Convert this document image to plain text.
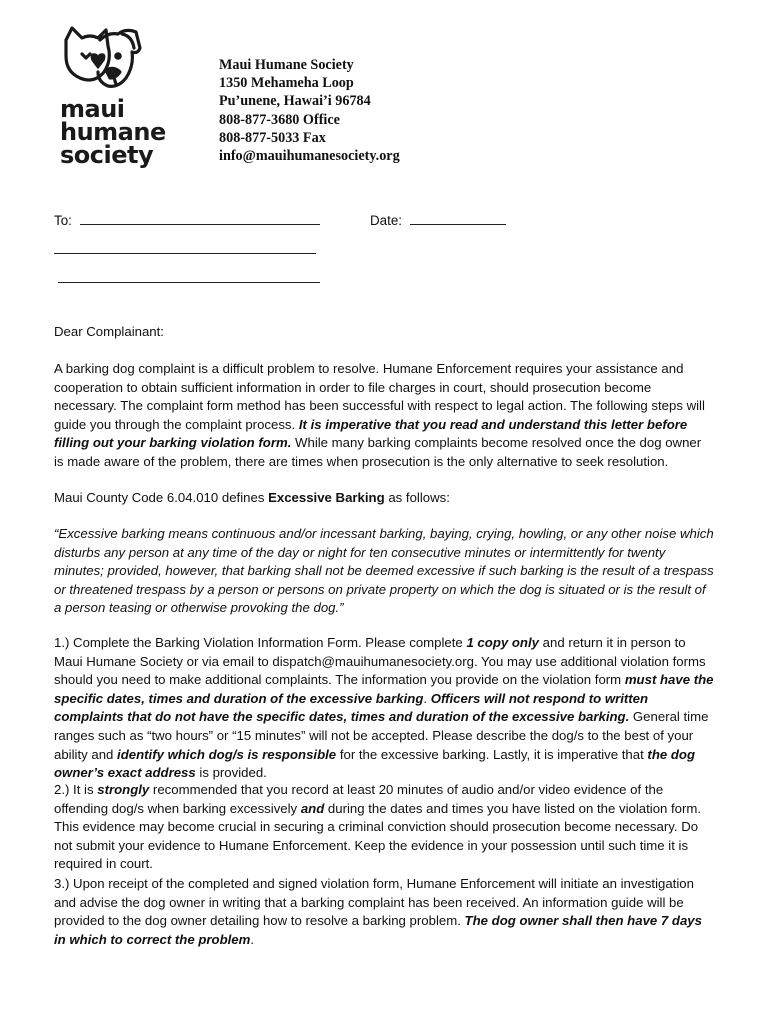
maui
humane
society
Maui Humane Society
1350 Mehameha Loop
Pu’unene, Hawai’i 96784
808-877-3680 Office
808-877-5033 Fax
info@mauihumanesociety.org
To:	Date:

Dear Complainant:

A barking dog complaint is a difficult problem to resolve. Humane Enforcement requires your assistance and cooperation to obtain sufficient information in order to file charges in court, should prosecution become necessary. The complaint form method has been successful with respect to legal action. The following steps will guide you through the complaint process. It is imperative that you read and understand this letter before filling out your barking violation form. While many barking complaints become resolved once the dog owner is made aware of the problem, there are times when prosecution is the only alternative to seek resolution.

Maui County Code 6.04.010 defines Excessive Barking as follows:

“Excessive barking means continuous and/or incessant barking, baying, crying, howling, or any other noise which disturbs any person at any time of the day or night for ten consecutive minutes or intermittently for twenty minutes; provided, however, that barking shall not be deemed excessive if such barking is the result of a trespass or threatened trespass by a person or persons on private property on which the dog is situated or is the result of a person teasing or otherwise provoking the dog.”

1.) Complete the Barking Violation Information Form. Please complete 1 copy only and return it in person to Maui Humane Society or via email to dispatch@mauihumanesociety.org. You may use additional violation forms should you need to make additional complaints. The information you provide on the violation form must have the specific dates, times and duration of the excessive barking. Officers will not respond to written complaints that do not have the specific dates, times and duration of the excessive barking. General time ranges such as “two hours” or “15 minutes” will not be accepted. Please describe the dog/s to the best of your ability and identify which dog/s is responsible for the excessive barking. Lastly, it is imperative that the dog owner’s exact address is provided.

2.) It is strongly recommended that you record at least 20 minutes of audio and/or video evidence of the offending dog/s when barking excessively and during the dates and times you have listed on the violation form. This evidence may become crucial in securing a criminal conviction should prosecution become necessary. Do not submit your evidence to Humane Enforcement. Keep the evidence in your possession until such time it is required in court.

3.) Upon receipt of the completed and signed violation form, Humane Enforcement will initiate an investigation and advise the dog owner in writing that a barking complaint has been received. An information guide will be provided to the dog owner detailing how to resolve a barking problem. The dog owner shall then have 7 days in which to correct the problem.
